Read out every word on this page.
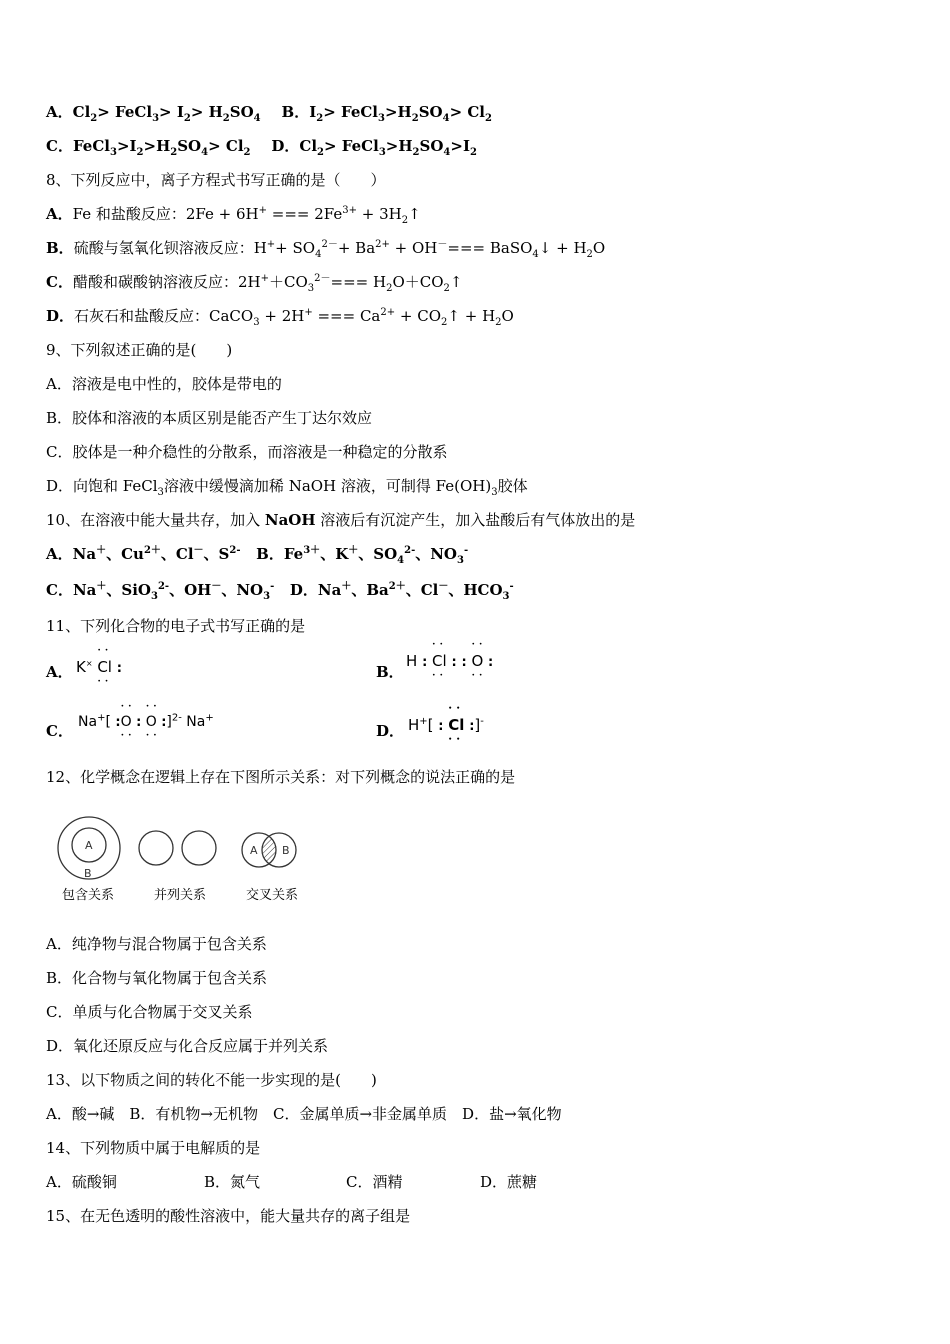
A．$Cl_2>$ FeCl$_3$> $I_2> H_2SO_4$ B．$I_2>$ $FeCl_3>H_2SO_4> Cl_2$
C．$FeCl_3>I_2>H_2SO_4> Cl_2$ D．$Cl_2>$ $FeCl_3>H_2SO_4>I_2$
8、下列反应中，离子方程式书写正确的是（　　）
A．Fe 和盐酸反应：2Fe + 6H+ === $2Fe^{3+}$ + $3H_2↑$
B．硫酸与氢氧化钡溶液反应：$H^++ SO_4^{2-}+ Ba^{2+} + OH^-===$ BaSO$_4$↓ + $H_2O$
C．醋酸和碳酸钠溶液反应：$2H^++CO_3^{2-}===$ $H_2O+CO_2↑$
D．石灰石和盐酸反应：CaCO$_3$ + 2H+ === $Ca^{2+}$ + $CO_2↑ + H_2O$
9、下列叙述正确的是(　　)
A．溶液是电中性的，胶体是带电的
B．胶体和溶液的本质区别是能否产生丁达尔效应
C．胶体是一种介稳性的分散系，而溶液是一种稳定的分散系
D．向饱和 FeCl$_3$溶液中缓慢滴加稀 NaOH 溶液，可制得 $Fe(OH)_3$胶体
10、在溶液中能大量共存，加入 NaOH 溶液后有沉淀产生，加入盐酸后有气体放出的是
A．Na＋、$Cu^{2+}$、Cl－、$S^{2-}$   B．$Fe^{3+}$、K＋、$SO_4^{2-}$、$NO_3^-$
C．Na＋、SiO$_3^{2-}$、OH－、$NO_3^-$   D．Na＋、$Ba^{2+}$、Cl－、$HCO_3^-$
11、下列化合物的电子式书写正确的是
A． K× • • Cl • • :	B．
H : • • Cl • • : : • • O • • :
C． Na+[ :• • O • • : • • O • • :]$^{2-}$ Na+
D． H+[ : • • Cl • • :]-
12、化学概念在逻辑上存在下图所示关系：对下列概念的说法正确的是
A
B
A B
包含关系	并列关系	交叉关系
A．纯净物与混合物属于包含关系
B．化合物与氧化物属于包含关系
C．单质与化合物属于交叉关系
D．氧化还原反应与化合反应属于并列关系
13、以下物质之间的转化不能一步实现的是(　　)
A．酸→碱　B．有机物→无机物　C．金属单质→非金属单质　D．盐→氧化物
14、下列物质中属于电解质的是
A．硫酸铜	B．氮气	C．酒精	D．蔗糖
15、在无色透明的酸性溶液中，能大量共存的离子组是
